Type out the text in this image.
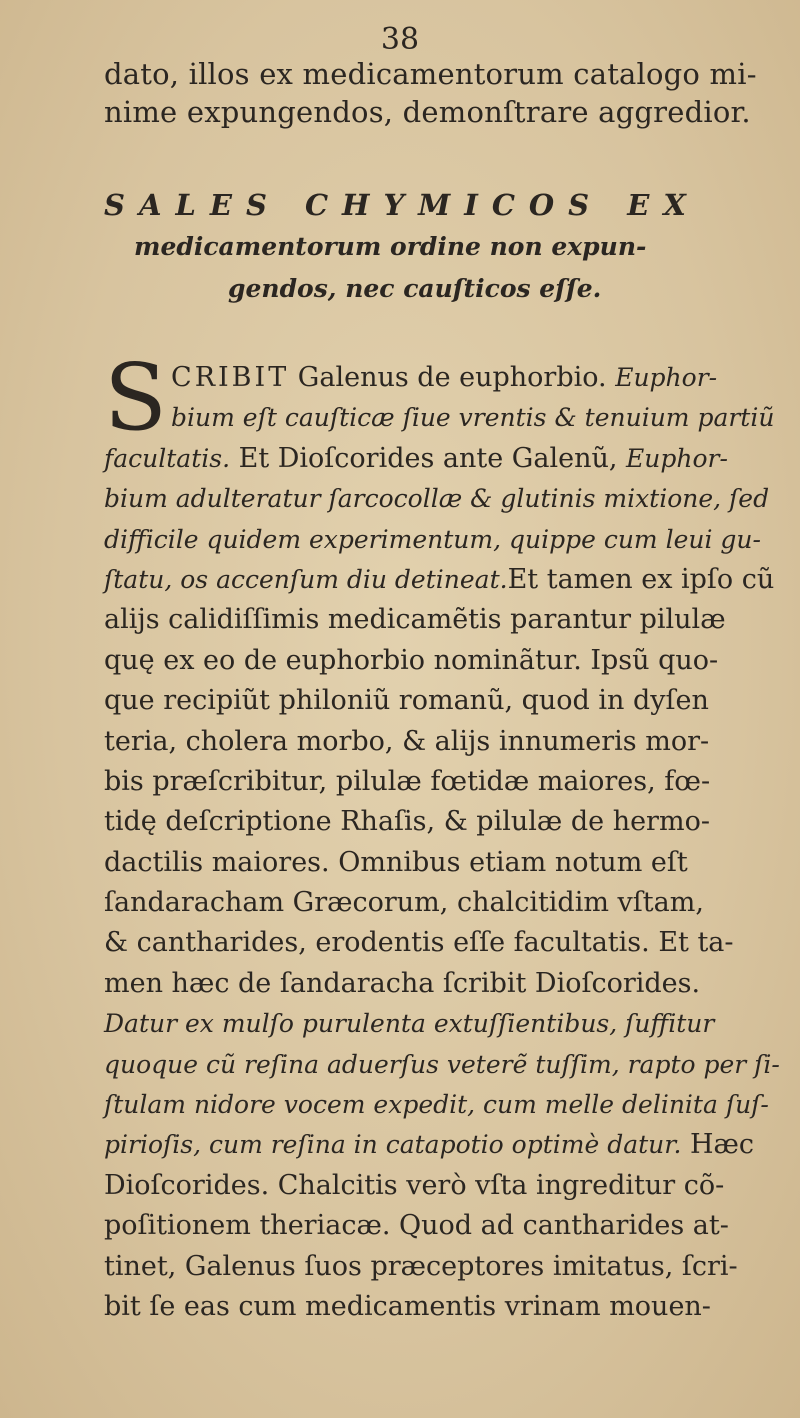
38
dato, illos ex medicamentorum catalogo mi-
nime expungendos, demonſtrare aggredior.
SALES CHYMICOS EX
medicamentorum ordine non expun-
gendos, nec cauſticos eſſe.
SCRIBIT Galenus de euphorbio. Euphor-
bium eſt cauſticæ ſiue vrentis & tenuium partiũ
facultatis. Et Dioſcorides ante Galenũ, Euphor-
bium adulteratur ſarcocollæ & glutinis mixtione, ſed
difficile quidem experimentum, quippe cum leui gu-
ſtatu, os accenſum diu detineat.Et tamen ex ipſo cũ
alijs calidiſſimis medicamẽtis parantur pilulæ
quę ex eo de euphorbio nominãtur. Ipsũ quo-
que recipiũt philoniũ romanũ, quod in dyſen
teria, cholera morbo, & alijs innumeris mor-
bis præſcribitur, pilulæ fœtidæ maiores, fœ-
tidę deſcriptione Rhaſis, & pilulæ de hermo-
dactilis maiores. Omnibus etiam notum eſt
ſandaracham Græcorum, chalcitidim vſtam,
& cantharides, erodentis eſſe facultatis. Et ta-
men hæc de ſandaracha ſcribit Dioſcorides.
Datur ex mulſo purulenta extuſſientibus, ſuffitur
quoque cũ reſina aduerſus veterẽ tuſſim, rapto per ſi-
ſtulam nidore vocem expedit, cum melle delinita ſuſ-
pirioſis, cum reſina in catapotio optimè datur. Hæc
Dioſcorides. Chalcitis verò vſta ingreditur cõ-
poſitionem theriacæ. Quod ad cantharides at-
tinet, Galenus ſuos præceptores imitatus, ſcri-
bit ſe eas cum medicamentis vrinam mouen-
